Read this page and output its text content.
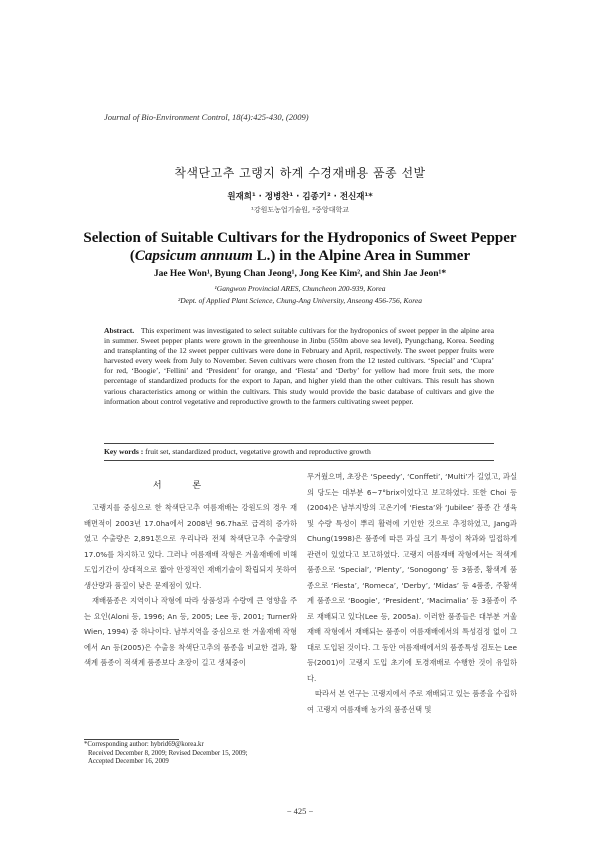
Journal of Bio-Environment Control, 18(4):425-430, (2009)
착색단고추 고랭지 하계 수경재배용 품종 선발
원재희¹ · 정병찬¹ · 김종기² · 전신재¹*
¹강원도농업기술원, ²중앙대학교
Selection of Suitable Cultivars for the Hydroponics of Sweet Pepper
(Capsicum annuum L.) in the Alpine Area in Summer
Jae Hee Won¹, Byung Chan Jeong¹, Jong Kee Kim², and Shin Jae Jeon¹*
¹Gangwon Provincial ARES, Chuncheon 200-939, Korea
²Dept. of Applied Plant Science, Chung-Ang University, Anseong 456-756, Korea

Abstract. This experiment was investigated to select suitable cultivars for the hydroponics of sweet pepper in the alpine area in summer. Sweet pepper plants were grown in the greenhouse in Jinbu (550m above sea level), Pyungchang, Korea. Seeding and transplanting of the 12 sweet pepper cultivars were done in February and April, respectively. The sweet pepper fruits were harvested every week from July to November. Seven cultivars were chosen from the 12 tested cultivars. ‘Special’ and ‘Cupra’ for red, ‘Boogie’, ‘Fellini’ and ‘President’ for orange, and ‘Fiesta’ and ‘Derby’ for yellow had more fruit sets, the more percentage of standardized products for the export to Japan, and higher yield than the other cultivars. This result has shown various characteristics among or within the cultivars. This study would provide the basic database of cultivars and give the information about control vegetative and reproductive growth to the farmers cultivating sweet pepper.

Key words : fruit set, standardized product, vegetative growth and reproductive growth

서 론

고랭지를 중심으로 한 착색단고추 여름재배는 강원도의 경우 재배면적이 2003년 17.0ha에서 2008년 96.7ha로 급격히 증가하였고 수출량은 2,891톤으로 우리나라 전체 착색단고추 수출량의 17.0%를 차지하고 있다. 그러나 여름재배 작형은 겨울재배에 비해 도입기간이 상대적으로 짧아 안정적인 재배기술이 확립되지 못하여 생산량과 품질이 낮은 문제점이 있다.

재배품종은 지역이나 작형에 따라 상품성과 수량에 큰 영향을 주는 요인(Aloni 등, 1996; An 등, 2005; Lee 등, 2001; Turner와 Wien, 1994) 중 하나이다. 남부지역을 중심으로 한 겨울재배 작형에서 An 등(2005)은 수출용 착색단고추의 품종을 비교한 결과, 황색계 품종이 적색계 품종보다 초장이 길고 생체중이

무거웠으며, 초장은 ‘Speedy’, ‘Conffeti’, ‘Multi’가 길었고, 과실의 당도는 대부분 6~7°brix이었다고 보고하였다. 또한 Choi 등(2004)은 남부지방의 고온기에 ‘Fiesta’와 ‘Jubilee’ 품종 간 생육 및 수량 특성이 뿌리 활력에 기인한 것으로 추정하였고, Jang과 Chung(1998)은 품종에 따른 과실 크기 특성이 착과와 밀접하게 관련이 있었다고 보고하였다. 고랭지 여름재배 작형에서는 적색계 품종으로 ‘Special’, ‘Plenty’, ‘Sonogong’ 등 3품종, 황색계 품종으로 ‘Fiesta’, ‘Romeca’, ‘Derby’, ‘Midas’ 등 4품종, 주황색계 품종으로 ‘Boogie’, ‘President’, ‘Macimalia’ 등 3품종이 주로 재배되고 있다(Lee 등, 2005a). 이러한 품종들은 대부분 겨울재배 작형에서 재배되는 품종이 여름재배에서의 특성검정 없이 그대로 도입된 것이다. 그 동안 여름재배에서의 품종특성 검토는 Lee 등(2001)이 고랭지 도입 초기에 토경재배로 수행한 것이 유일하다.

따라서 본 연구는 고랭지에서 주로 재배되고 있는 품종을 수집하여 고랭지 여름재배 농가의 품종선택 및

*Corresponding author: hybrid69@korea.kr
Received December 8, 2009; Revised December 15, 2009;
Accepted December 16, 2009
− 425 −
